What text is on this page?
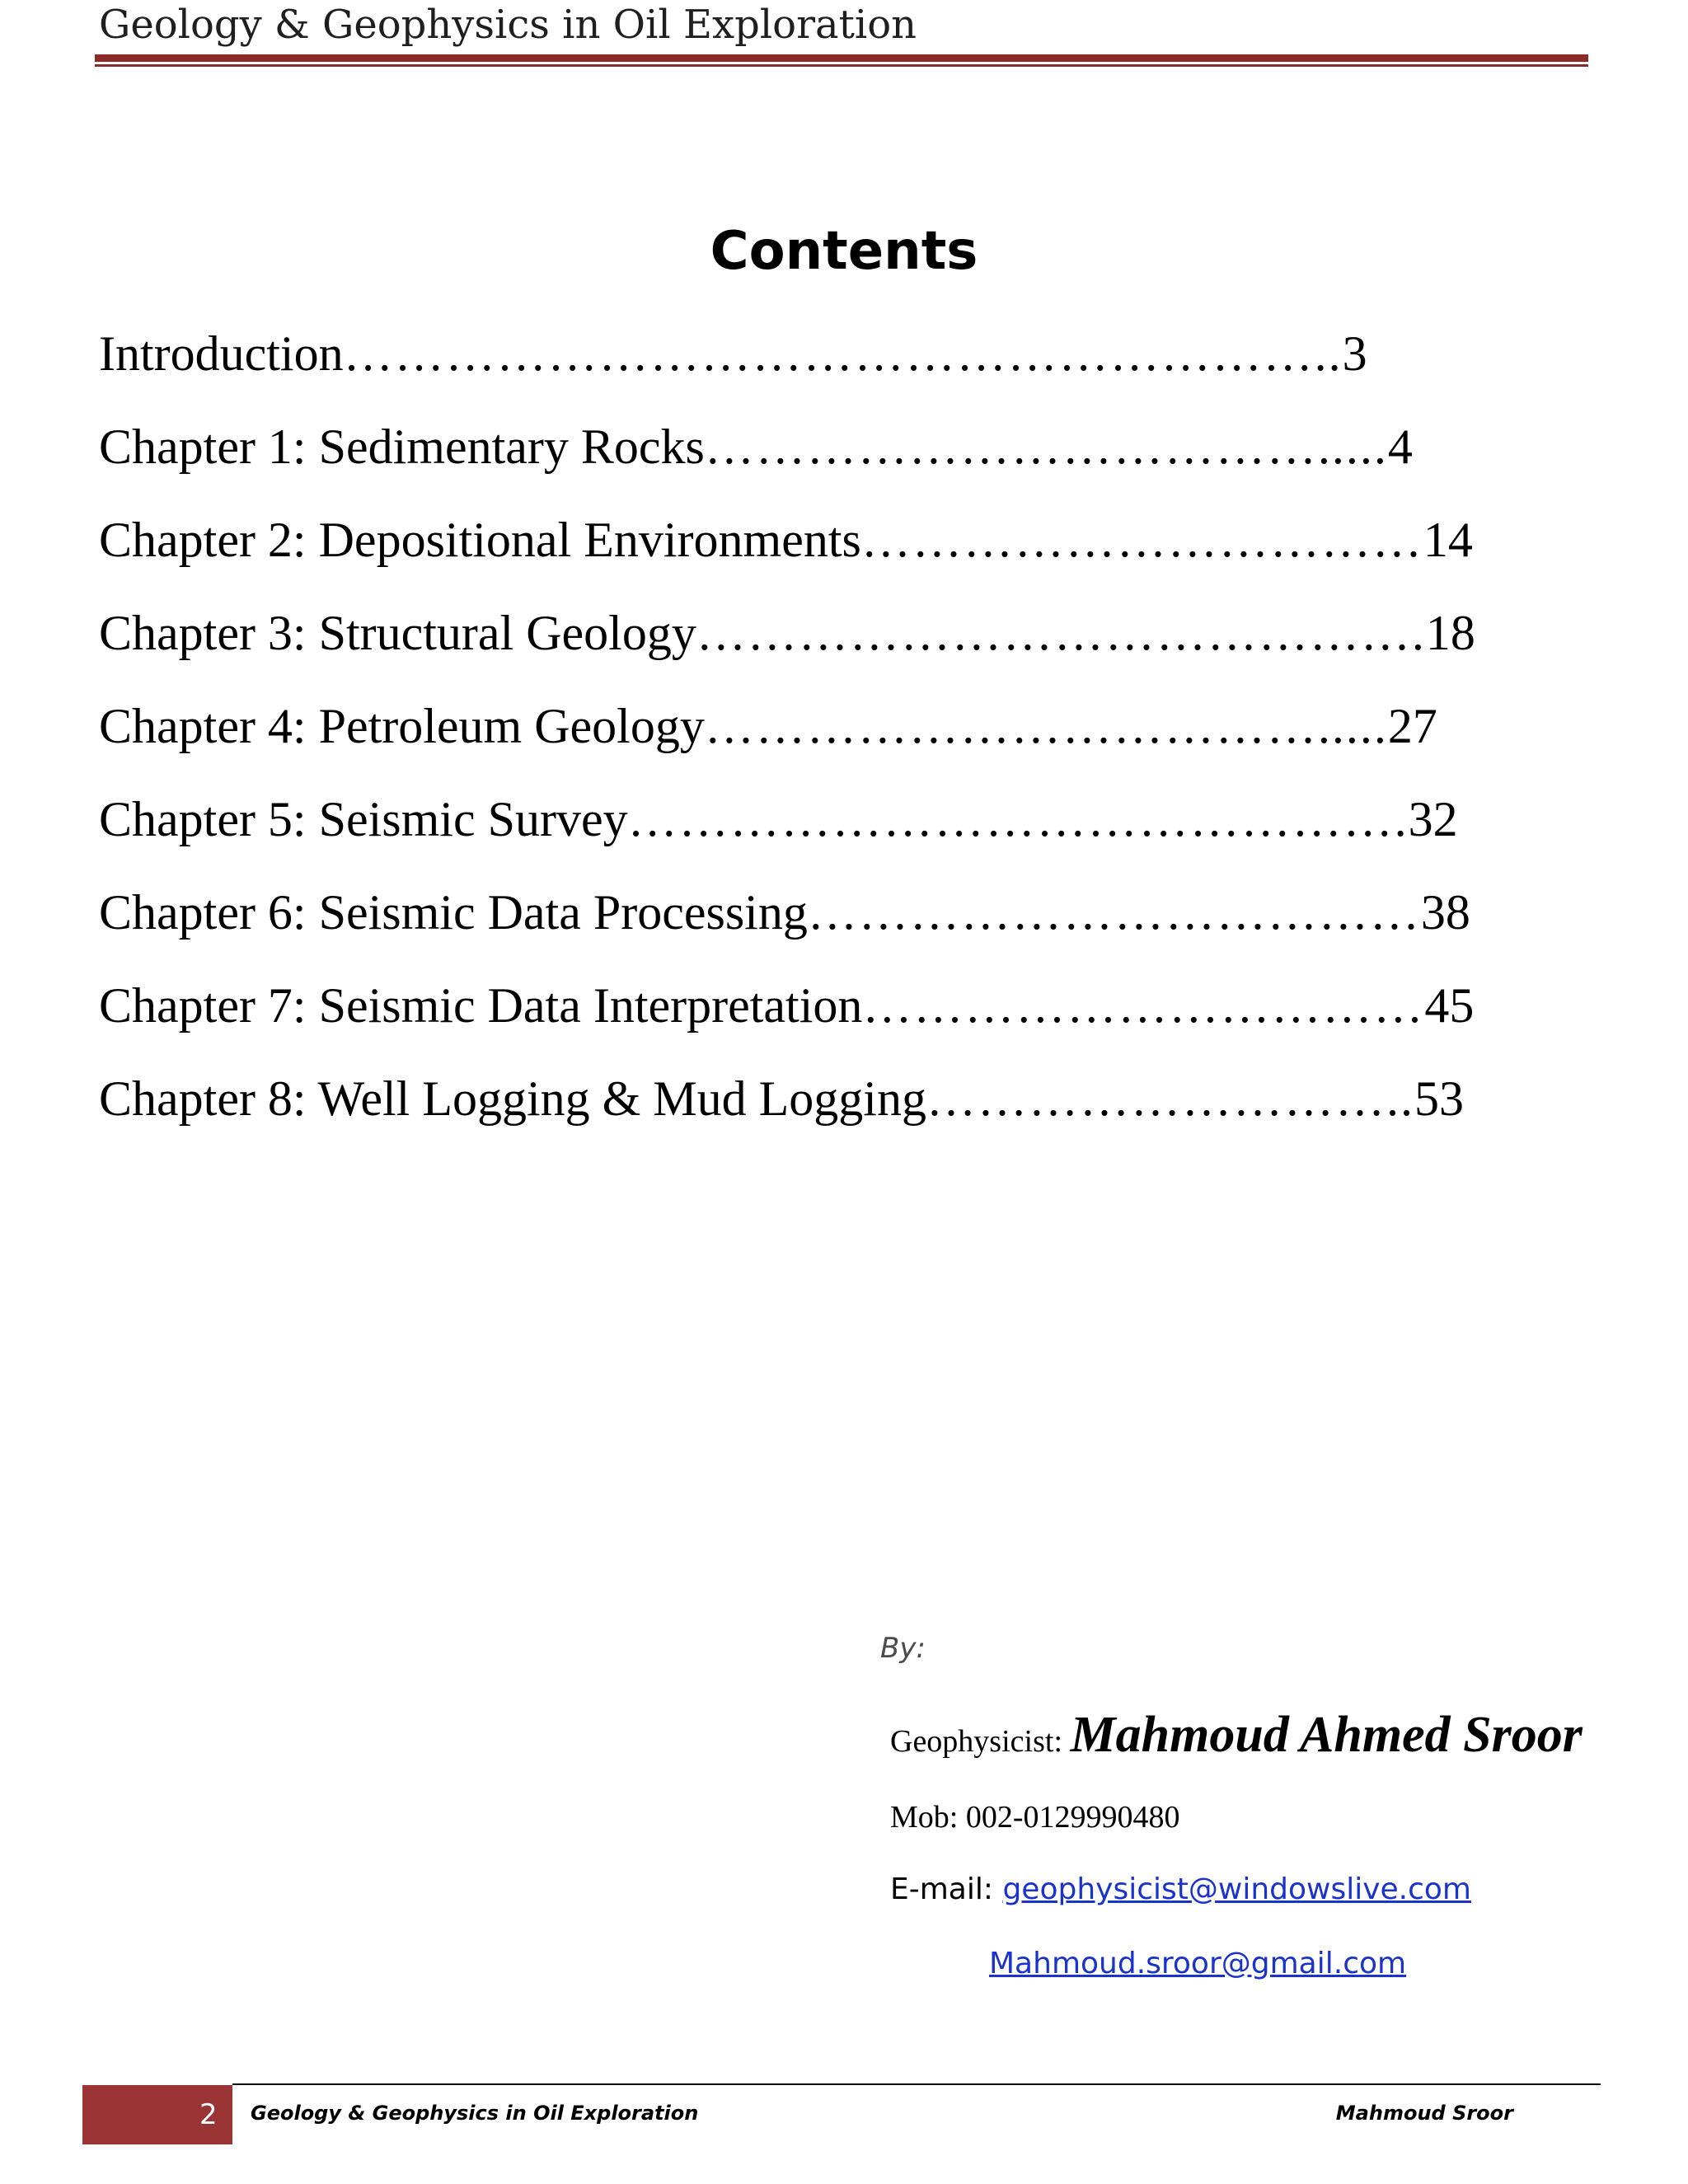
Geology & Geophysics in Oil Exploration
Contents
Introduction…………………………………………………..3
Chapter 1: Sedimentary Rocks……………………………….....4
Chapter 2: Depositional Environments……………………………14
Chapter 3: Structural Geology…………………………………….18
Chapter 4: Petroleum Geology……………………………….....27
Chapter 5: Seismic Survey……………………………………….32
Chapter 6: Seismic Data Processing………………………………38
Chapter 7: Seismic Data Interpretation……………………………45
Chapter 8: Well Logging & Mud Logging………………………..53
By:
Geophysicist: Mahmoud Ahmed Sroor
Mob: 002-0129990480
E-mail: geophysicist@windowslive.com
Mahmoud.sroor@gmail.com
2 Geology & Geophysics in Oil Exploration	Mahmoud Sroor
